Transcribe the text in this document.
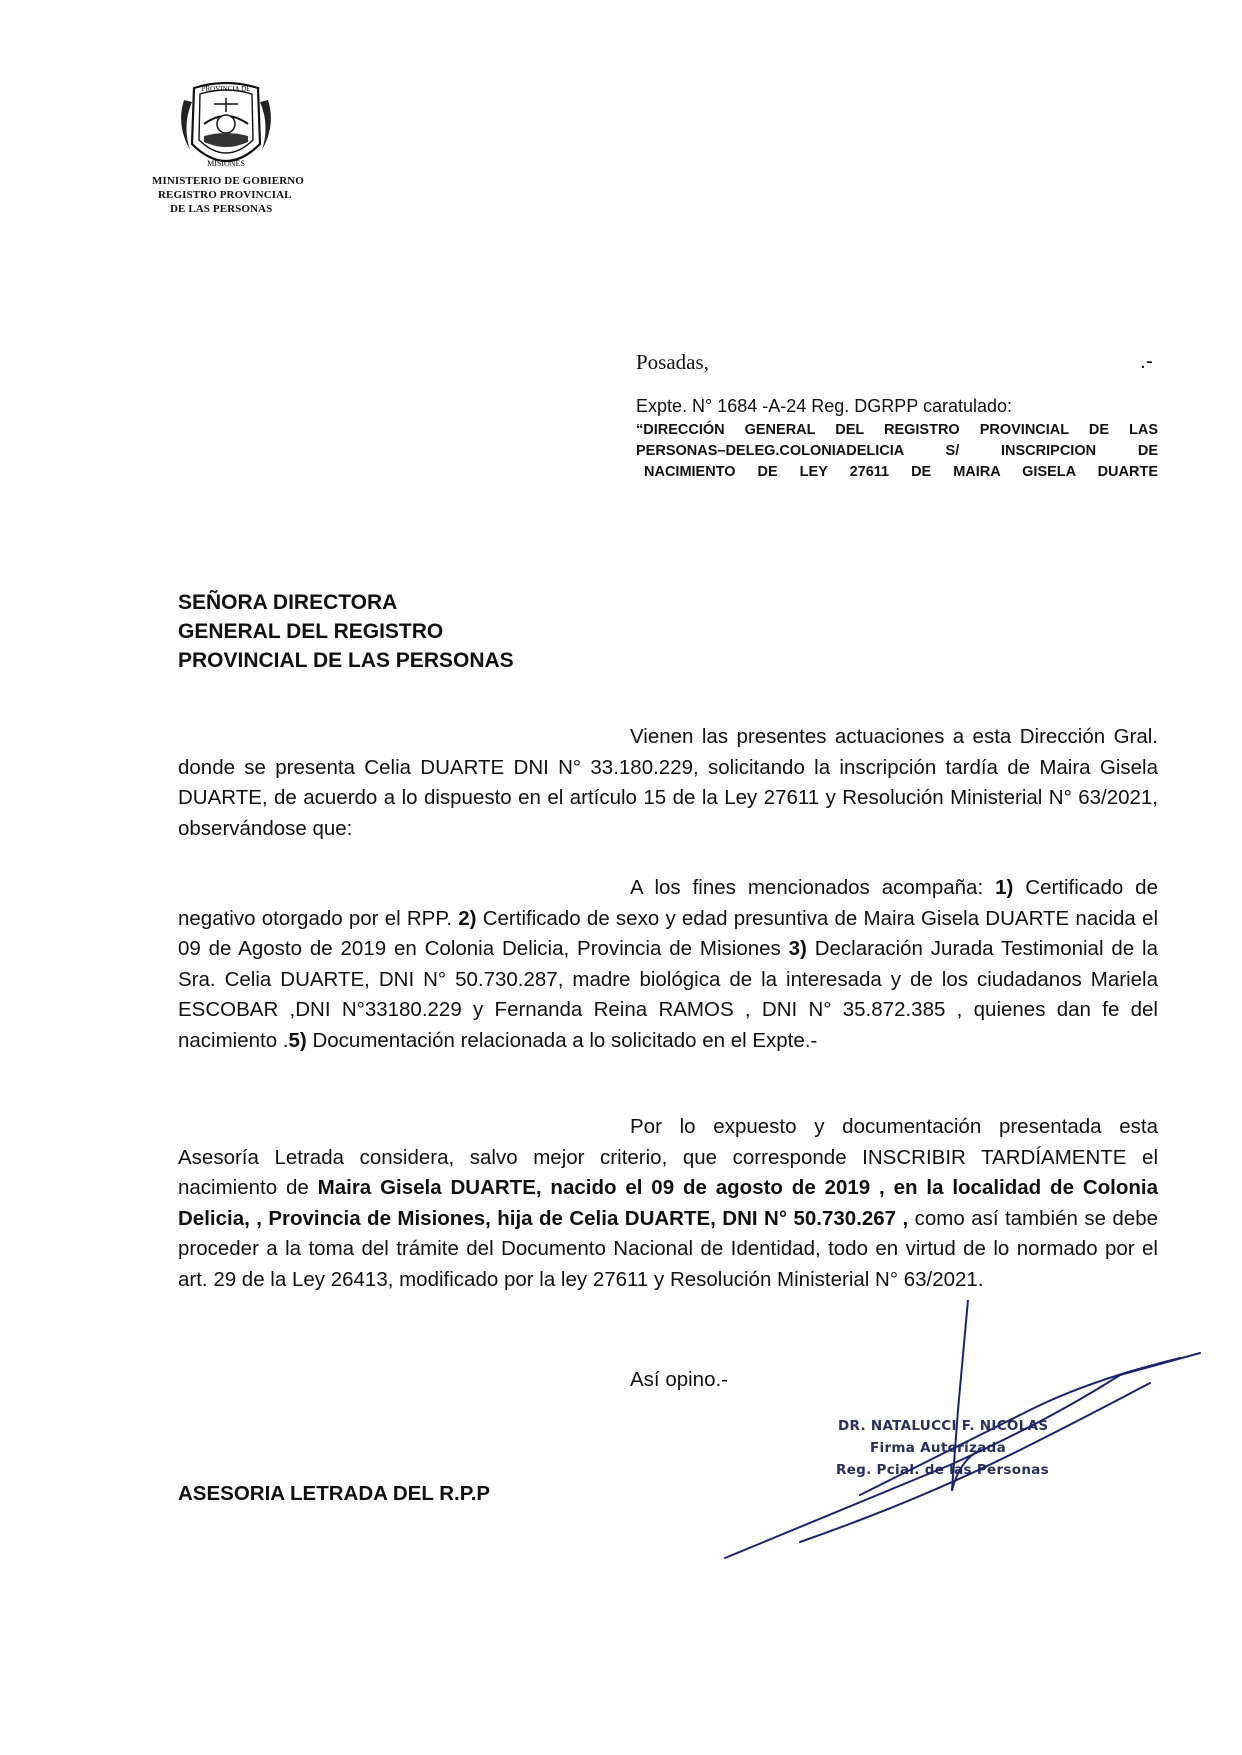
PROVINCIA DE
MISIONES
MINISTERIO DE GOBIERNO
REGISTRO PROVINCIAL
DE LAS PERSONAS
Posadas,	.-
Expte. N° 1684 -A-24 Reg. DGRPP caratulado:
“DIRECCIÓN GENERAL DEL REGISTRO PROVINCIAL DE LAS
PERSONAS–DELEG.COLONIADELICIA S/ INSCRIPCION DE
NACIMIENTO DE LEY 27611 DE MAIRA GISELA DUARTE
SEÑORA DIRECTORA
GENERAL DEL REGISTRO
PROVINCIAL DE LAS PERSONAS
Vienen las presentes actuaciones a esta Dirección Gral. donde se presenta Celia DUARTE DNI N° 33.180.229, solicitando la inscripción tardía de Maira Gisela DUARTE, de acuerdo a lo dispuesto en el artículo 15 de la Ley 27611 y Resolución Ministerial N° 63/2021, observándose que:
A los fines mencionados acompaña: 1) Certificado de negativo otorgado por el RPP. 2) Certificado de sexo y edad presuntiva de Maira Gisela DUARTE nacida el 09 de Agosto de 2019 en Colonia Delicia, Provincia de Misiones 3) Declaración Jurada Testimonial de la Sra. Celia DUARTE, DNI N° 50.730.287, madre biológica de la interesada y de los ciudadanos Mariela ESCOBAR ,DNI N°33180.229 y Fernanda Reina RAMOS , DNI N° 35.872.385 , quienes dan fe del nacimiento .5) Documentación relacionada a lo solicitado en el Expte.-
Por lo expuesto y documentación presentada esta Asesoría Letrada considera, salvo mejor criterio, que corresponde INSCRIBIR TARDÍAMENTE el nacimiento de Maira Gisela DUARTE, nacido el 09 de agosto de 2019 , en la localidad de Colonia Delicia, , Provincia de Misiones, hija de Celia DUARTE, DNI N° 50.730.267 , como así también se debe proceder a la toma del trámite del Documento Nacional de Identidad, todo en virtud de lo normado por el art. 29 de la Ley 26413, modificado por la ley 27611 y Resolución Ministerial N° 63/2021.
Así opino.-
DR. NATALUCCI F. NICOLAS
Firma Autorizada
Reg. Pcial. de las Personas
ASESORIA LETRADA DEL R.P.P
